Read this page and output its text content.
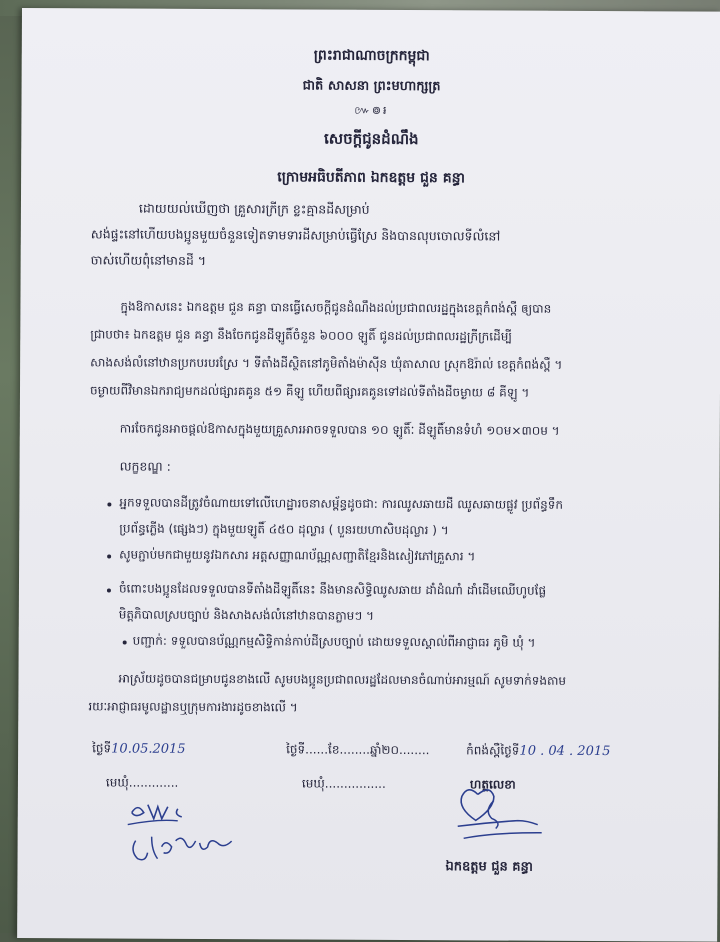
ព្រះរាជាណាចក្រកម្ពុជា
ជាតិ សាសនា ព្រះមហាក្សត្រ
៚៙៛
សេចក្ដីជូនដំណឹង
ក្រោមអធិបតីភាព ឯកឧត្តម ជួន គន្ធា
ដោយយល់ឃើញថា គ្រួសារក្រីក្រ ខ្លះគ្មានដីសម្រាប់
សង់ផ្ទះនៅហើយបងប្អូនមួយចំនួនទៀតទាមទារដីសម្រាប់ធ្វើស្រែ និងបានលុបចោលទីលំនៅ
ចាស់ហើយពុំនៅមានដី ។
ក្នុងឱកាសនេះ ឯកឧត្តម ជួន គន្ធា បានធ្វើសេចក្ដីជូនដំណឹងដល់ប្រជាពលរដ្ឋក្នុងខេត្តកំពង់ស្ពឺ ឲ្យបាន
ជ្រាបថា៖ ឯកឧត្តម ជួន គន្ធា នឹងចែកជូនដីឡូតិ៍ចំនួន ៦០០០ ឡូតិ៍ ជូនដល់ប្រជាពលរដ្ឋក្រីក្រដើម្បី
សាងសង់លំនៅឋានប្រកបរបរស្រែ ។ ទីតាំងដីស្ថិតនៅភូមិតាំងម៉ាស៊ីន ឃុំតាសាល ស្រុកឱរ៉ាល់ ខេត្តកំពង់ស្ពឺ ។
ចម្ងាយពីវិមានឯករាជ្យមកដល់ផ្សារគគូន ៥១ គីឡូ ហើយពីផ្សារគគូនទៅដល់ទីតាំងដីចម្ងាយ ៨ គីឡូ ។
ការចែកជូនអាចផ្តល់ឱកាសក្នុងមួយគ្រួសារអាចទទួលបាន ១០ ឡូតិ៍ៈ ដីឡូតិ៍មានទំហំ ១០ម×៣០ម ។
លក្ខខណ្ឌ :
អ្នកទទួលបានដីត្រូវចំណាយទៅលើហេដ្ឋារចនាសម្ព័ន្ធដូចជា: ការឈូសឆាយដី ឈូសឆាយផ្លូវ ប្រព័ន្ធទឹក
ប្រព័ន្ធភ្លើង (ផ្សេងៗ) ក្នុងមួយឡូតិ៍ ៤៥០ ដុល្លារ ( បួនរយហាសិបដុល្លារ ) ។
សូមភ្ជាប់មកជាមួយនូវឯកសារ អត្តសញ្ញាណប័ណ្ណសញ្ជាតិខ្មែរនិងសៀវភៅគ្រួសារ ។
ចំពោះបងប្អូនដែលទទួលបានទីតាំងដីឡូតិ៍នេះ នឹងមានសិទ្ធិឈូសឆាយ ដាំដំណាំ ដាំដើមឈើហូបផ្លែ
មិត្តភិបាលស្របច្បាប់ និងសាងសង់លំនៅឋានបានភ្លាមៗ ។
បញ្ជាក់: ទទួលបានប័ណ្ណកម្មសិទ្ធិកាន់កាប់ដីស្របច្បាប់ ដោយទទួលស្គាល់ពីអាជ្ញាធរ ភូមិ ឃុំ ។
អាស្រ័យដូចបានជម្រាបជូនខាងលើ សូមបងប្អូនប្រជាពលរដ្ឋដែលមានចំណាប់អារម្មណ៍ សូមទាក់ទងតាម
រយៈអាជ្ញាធរមូលដ្ឋានឬក្រុមការងារដូចខាងលើ ។
ថ្ងៃទី10.05.2015	ថ្ងៃទី......ខែ........ឆ្នាំ២០........	កំពង់ស្ពឺថ្ងៃទី10 . 04 . 2015
មេឃុំ.............	មេឃុំ................	ហត្ថលេខា
ឯកឧត្តម ជួន គន្ធា
